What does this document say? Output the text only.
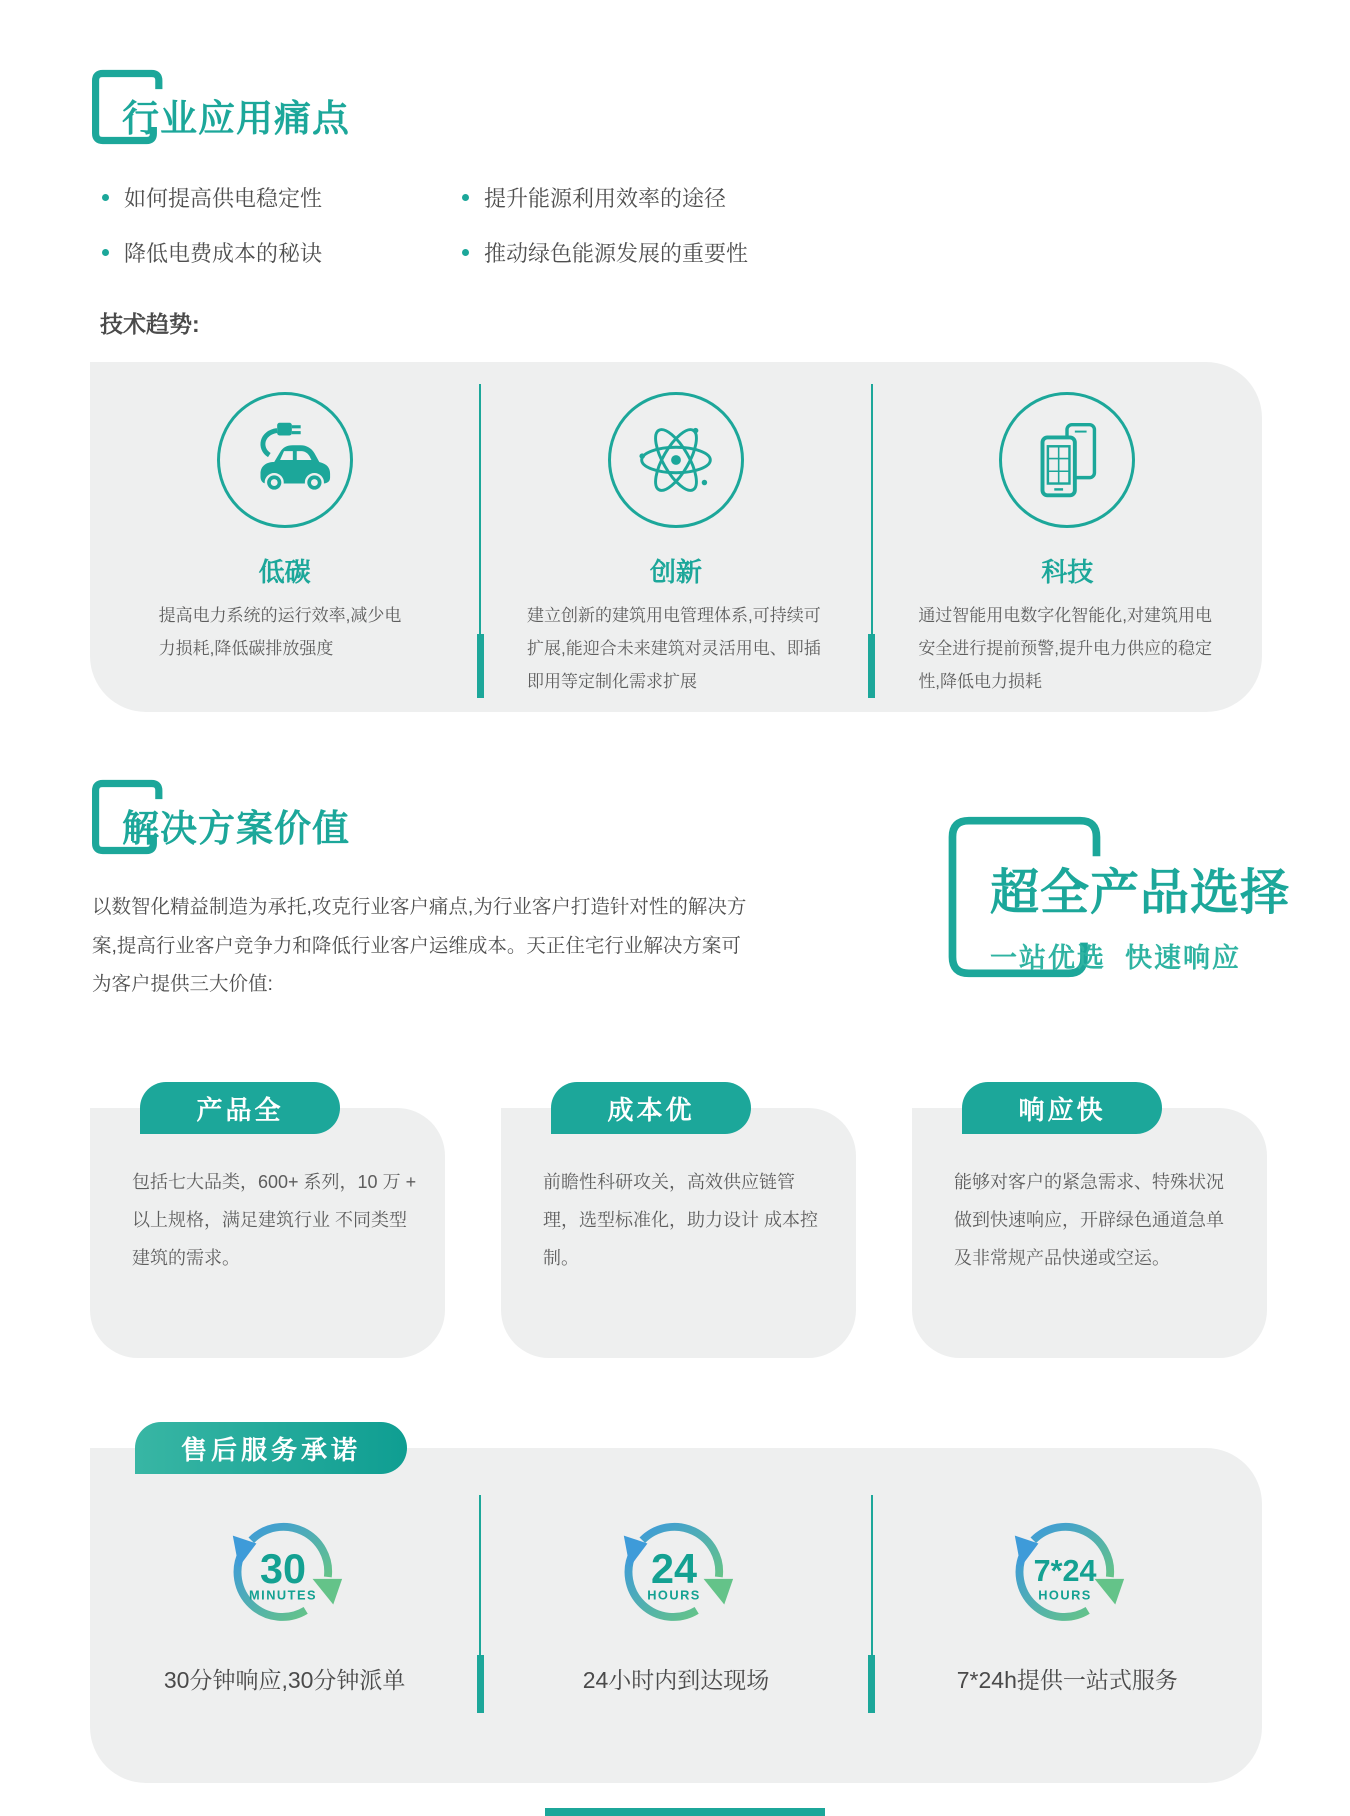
行业应用痛点
如何提高供电稳定性	提升能源利用效率的途径
降低电费成本的秘诀	推动绿色能源发展的重要性
技术趋势:
低碳
提高电力系统的运行效率,减少电力损耗,降低碳排放强度
创新
建立创新的建筑用电管理体系,可持续可扩展,能迎合未来建筑对灵活用电、即插即用等定制化需求扩展
科技
通过智能用电数字化智能化,对建筑用电安全进行提前预警,提升电力供应的稳定性,降低电力损耗
解决方案价值
以数智化精益制造为承托,攻克行业客户痛点,为行业客户打造针对性的解决方案,提高行业客户竞争力和降低行业客户运维成本。天正住宅行业解决方案可为客户提供三大价值:
超全产品选择
一站优选  快速响应
产品全
包括七大品类，600+ 系列，10 万 + 以上规格，满足建筑行业 不同类型建筑的需求。
成本优
前瞻性科研攻关，高效供应链管理，选型标准化，助力设计 成本控制。
响应快
能够对客户的紧急需求、特殊状况做到快速响应，开辟绿色通道急单及非常规产品快递或空运。
售后服务承诺
30
MINUTES
30分钟响应,30分钟派单
24
HOURS
24小时内到达现场
7*24
HOURS
7*24h提供一站式服务
